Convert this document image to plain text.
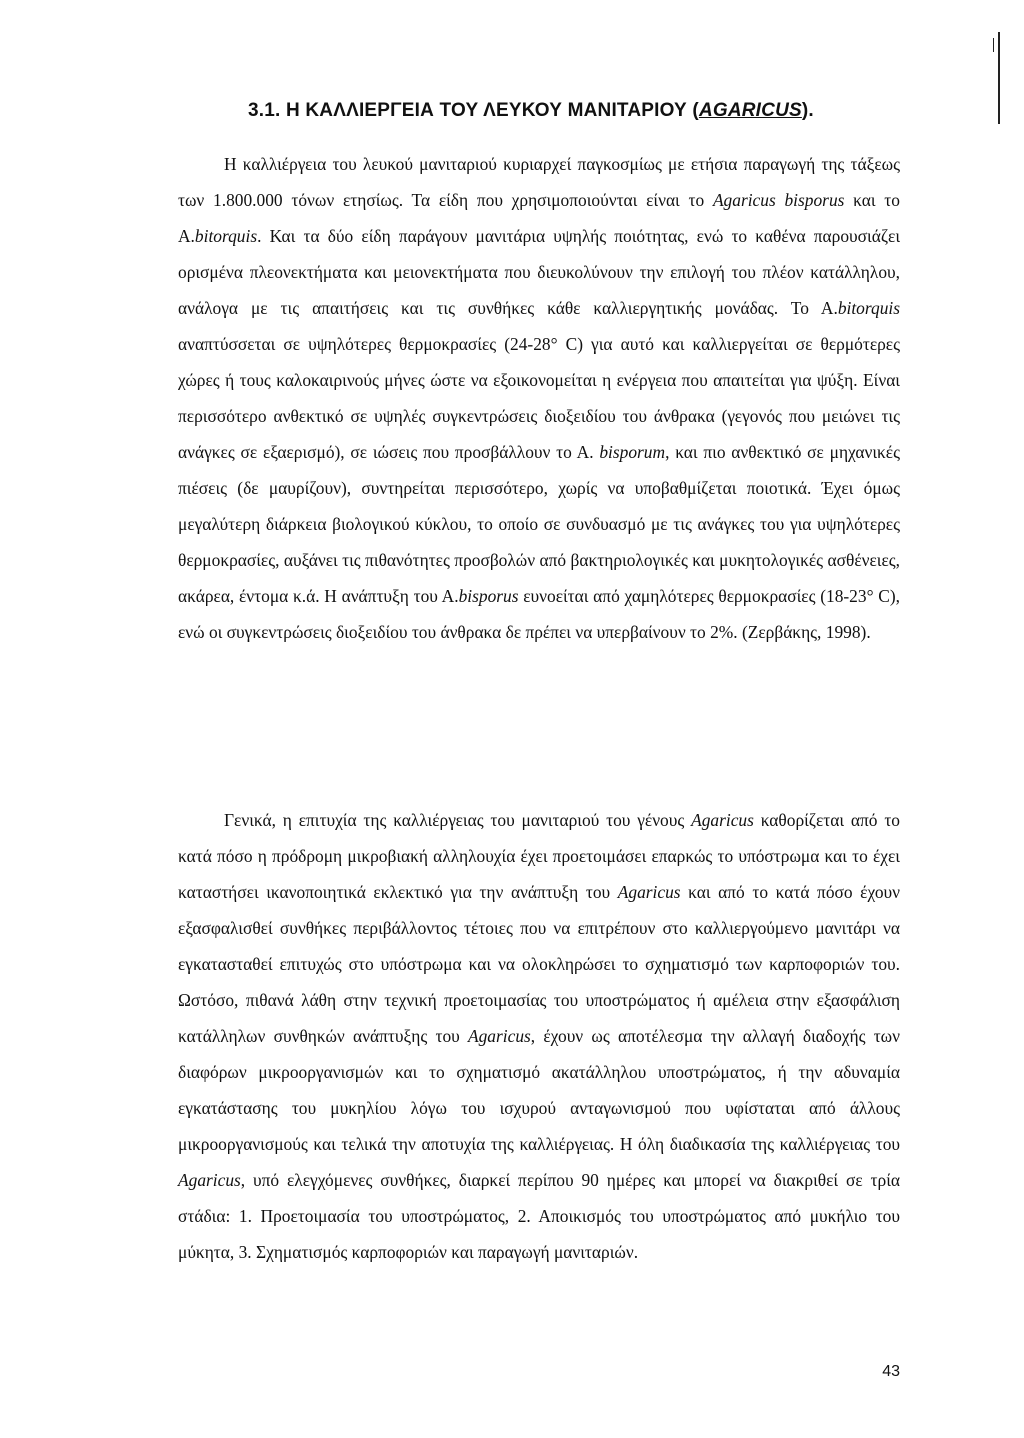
3.1. Η ΚΑΛΛΙΕΡΓΕΙΑ ΤΟΥ ΛΕΥΚΟΥ ΜΑΝΙΤΑΡΙΟΥ (AGARICUS).

Η καλλιέργεια του λευκού μανιταριού κυριαρχεί παγκοσμίως με ετήσια παραγωγή της τάξεως των 1.800.000 τόνων ετησίως. Τα είδη που χρησιμοποιούνται είναι το Agaricus bisporus και το Α.bitorquis. Και τα δύο είδη παράγουν μανιτάρια υψηλής ποιότητας, ενώ το καθένα παρουσιάζει ορισμένα πλεονεκτήματα και μειονεκτήματα που διευκολύνουν την επιλογή του πλέον κατάλληλου, ανάλογα με τις απαιτήσεις και τις συνθήκες κάθε καλλιεργητικής μονάδας. Το Α.bitorquis αναπτύσσεται σε υψηλότερες θερμοκρασίες (24-28° C) για αυτό και καλλιεργείται σε θερμότερες χώρες ή τους καλοκαιρινούς μήνες ώστε να εξοικονομείται η ενέργεια που απαιτείται για ψύξη. Είναι περισσότερο ανθεκτικό σε υψηλές συγκεντρώσεις διοξειδίου του άνθρακα (γεγονός που μειώνει τις ανάγκες σε εξαερισμό), σε ιώσεις που προσβάλλουν το Α. bisporum, και πιο ανθεκτικό σε μηχανικές πιέσεις (δε μαυρίζουν), συντηρείται περισσότερο, χωρίς να υποβαθμίζεται ποιοτικά. Έχει όμως μεγαλύτερη διάρκεια βιολογικού κύκλου, το οποίο σε συνδυασμό με τις ανάγκες του για υψηλότερες θερμοκρασίες, αυξάνει τις πιθανότητες προσβολών από βακτηριολογικές και μυκητολογικές ασθένειες, ακάρεα, έντομα κ.ά. Η ανάπτυξη του Α.bisporus ευνοείται από χαμηλότερες θερμοκρασίες (18-23° C), ενώ οι συγκεντρώσεις διοξειδίου του άνθρακα δε πρέπει να υπερβαίνουν το 2%. (Ζερβάκης, 1998).

Γενικά, η επιτυχία της καλλιέργειας του μανιταριού του γένους Agaricus καθορίζεται από το κατά πόσο η πρόδρομη μικροβιακή αλληλουχία έχει προετοιμάσει επαρκώς το υπόστρωμα και το έχει καταστήσει ικανοποιητικά εκλεκτικό για την ανάπτυξη του Agaricus και από το κατά πόσο έχουν εξασφαλισθεί συνθήκες περιβάλλοντος τέτοιες που να επιτρέπουν στο καλλιεργούμενο μανιτάρι να εγκατασταθεί επιτυχώς στο υπόστρωμα και να ολοκληρώσει το σχηματισμό των καρποφοριών του. Ωστόσο, πιθανά λάθη στην τεχνική προετοιμασίας του υποστρώματος ή αμέλεια στην εξασφάλιση κατάλληλων συνθηκών ανάπτυξης του Agaricus, έχουν ως αποτέλεσμα την αλλαγή διαδοχής των διαφόρων μικροοργανισμών και το σχηματισμό ακατάλληλου υποστρώματος, ή την αδυναμία εγκατάστασης του μυκηλίου λόγω του ισχυρού ανταγωνισμού που υφίσταται από άλλους μικροοργανισμούς και τελικά την αποτυχία της καλλιέργειας. Η όλη διαδικασία της καλλιέργειας του Agaricus, υπό ελεγχόμενες συνθήκες, διαρκεί περίπου 90 ημέρες και μπορεί να διακριθεί σε τρία στάδια: 1. Προετοιμασία του υποστρώματος, 2. Αποικισμός του υποστρώματος από μυκήλιο του μύκητα, 3. Σχηματισμός καρποφοριών και παραγωγή μανιταριών.

43
